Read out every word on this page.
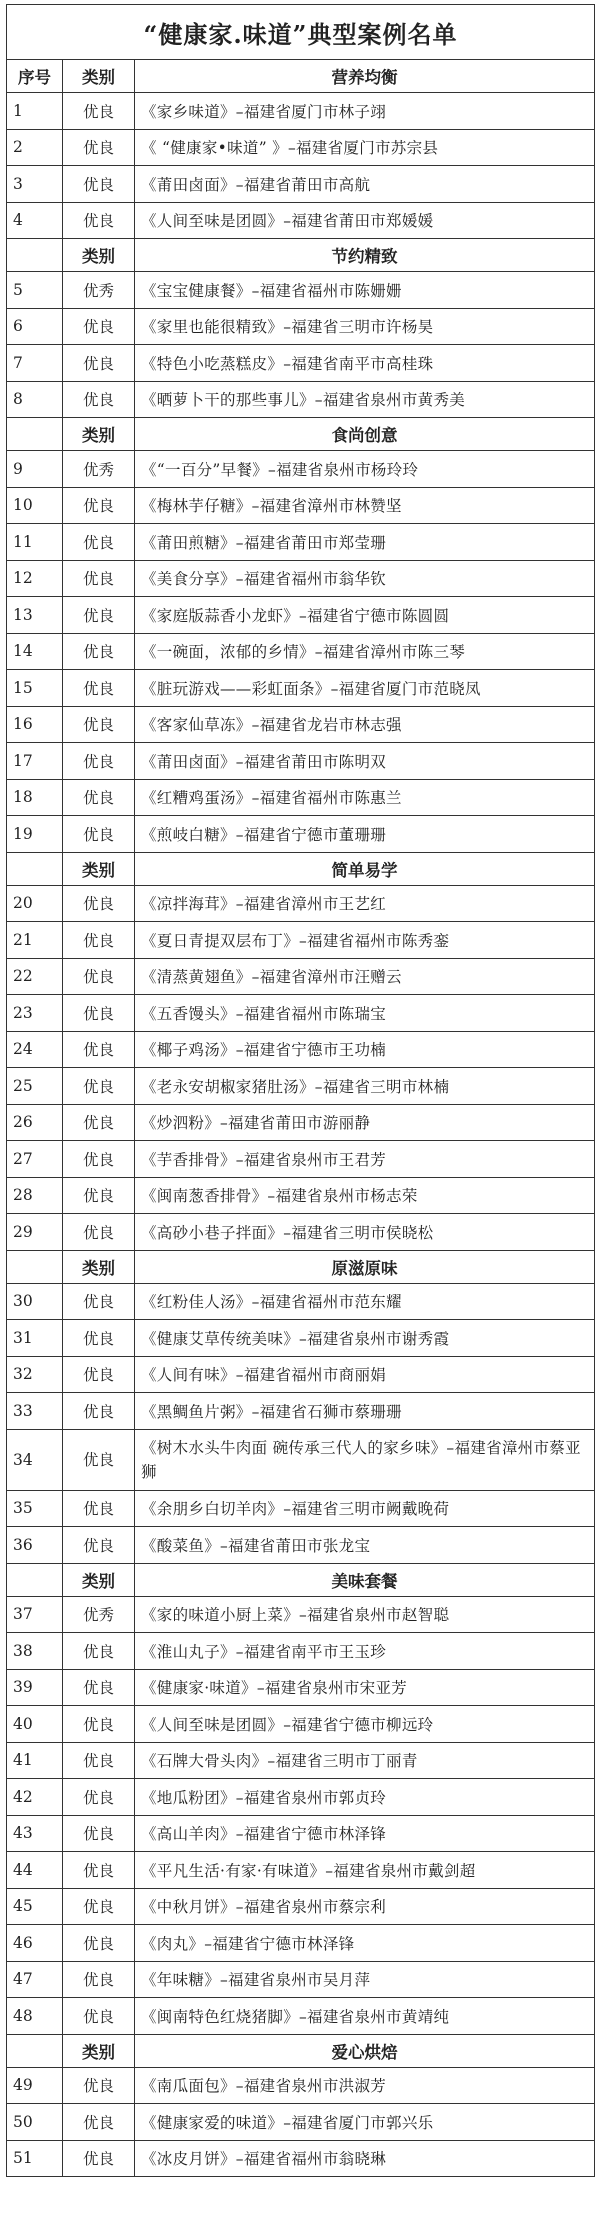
“健康家.味道”典型案例名单		
序号	类别	营养均衡
1	优良	《家乡味道》–福建省厦门市林子翊
2	优良	《 “健康家•味道” 》–福建省厦门市苏宗县
3	优良	《莆田卤面》–福建省莆田市高航
4	优良	《人间至味是团圆》–福建省莆田市郑媛媛
	类别	节约精致
5	优秀	《宝宝健康餐》–福建省福州市陈姗姗
6	优良	《家里也能很精致》–福建省三明市许杨昊
7	优良	《特色小吃蒸糕皮》–福建省南平市高桂珠
8	优良	《晒萝卜干的那些事儿》–福建省泉州市黄秀美
	类别	食尚创意
9	优秀	《“一百分”早餐》–福建省泉州市杨玲玲
10	优良	《梅林芋仔糖》–福建省漳州市林赞坚
11	优良	《莆田煎糖》–福建省莆田市郑莹珊
12	优良	《美食分享》–福建省福州市翁华钦
13	优良	《家庭版蒜香小龙虾》–福建省宁德市陈圆圆
14	优良	《一碗面，浓郁的乡情》–福建省漳州市陈三琴
15	优良	《脏玩游戏——彩虹面条》–福建省厦门市范晓凤
16	优良	《客家仙草冻》–福建省龙岩市林志强
17	优良	《莆田卤面》–福建省莆田市陈明双
18	优良	《红糟鸡蛋汤》–福建省福州市陈惠兰
19	优良	《煎岐白糖》–福建省宁德市董珊珊
	类别	简单易学
20	优良	《凉拌海茸》–福建省漳州市王艺红
21	优良	《夏日青提双层布丁》–福建省福州市陈秀銮
22	优良	《清蒸黄翅鱼》–福建省漳州市汪赠云
23	优良	《五香馒头》–福建省福州市陈瑞宝
24	优良	《椰子鸡汤》–福建省宁德市王功楠
25	优良	《老永安胡椒家猪肚汤》–福建省三明市林楠
26	优良	《炒泗粉》–福建省莆田市游丽静
27	优良	《芋香排骨》–福建省泉州市王君芳
28	优良	《闽南葱香排骨》–福建省泉州市杨志荣
29	优良	《高砂小巷子拌面》–福建省三明市侯晓松
	类别	原滋原味
30	优良	《红粉佳人汤》–福建省福州市范东耀
31	优良	《健康艾草传统美味》–福建省泉州市谢秀霞
32	优良	《人间有味》–福建省福州市商丽娟
33	优良	《黑鲷鱼片粥》–福建省石狮市蔡珊珊
34	优良	《树木水头牛肉面 碗传承三代人的家乡味》–福建省漳州市蔡亚狮
35	优良	《余朋乡白切羊肉》–福建省三明市阙戴晚荷
36	优良	《酸菜鱼》–福建省莆田市张龙宝
	类别	美味套餐
37	优秀	《家的味道小厨上菜》–福建省泉州市赵智聪
38	优良	《淮山丸子》–福建省南平市王玉珍
39	优良	《健康家·味道》–福建省泉州市宋亚芳
40	优良	《人间至味是团圆》–福建省宁德市柳远玲
41	优良	《石牌大骨头肉》–福建省三明市丁丽青
42	优良	《地瓜粉团》–福建省泉州市郭贞玲
43	优良	《高山羊肉》–福建省宁德市林泽锋
44	优良	《平凡生活·有家·有味道》–福建省泉州市戴剑超
45	优良	《中秋月饼》–福建省泉州市蔡宗利
46	优良	《肉丸》–福建省宁德市林泽锋
47	优良	《年味糖》–福建省泉州市吴月萍
48	优良	《闽南特色红烧猪脚》–福建省泉州市黄靖纯
	类别	爱心烘焙
49	优良	《南瓜面包》–福建省泉州市洪淑芳
50	优良	《健康家爱的味道》–福建省厦门市郭兴乐
51	优良	《冰皮月饼》–福建省福州市翁晓琳
